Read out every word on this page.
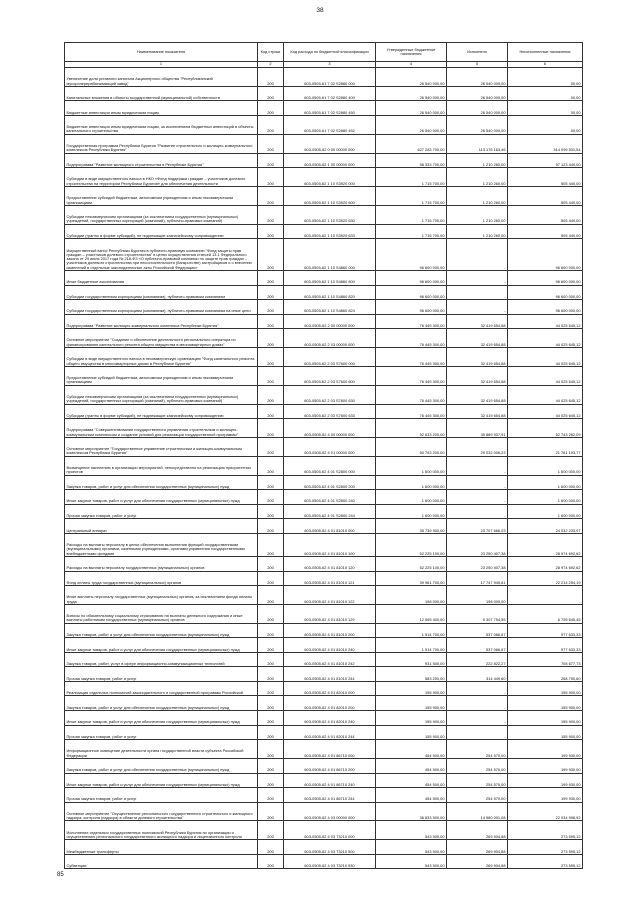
38
Наименование показателя	Код строки	Код расхода по бюджетной классификации	Утвержденные бюджетные назначения	Исполнено	Неисполненные назначения
1	2	3	4	5	6
Увеличение доли уставного капитала Акционерного общества "Республиканский мусороперерабатывающий завод"	200	603-0505-61 7 02 S2880 000	26 540 000,00	26 540 000,00	00,00
Капитальные вложения в объекты государственной (муниципальной) собственности	200	603-0505-61 7 02 S2880 400	26 540 000,00	26 540 000,00	00,00
Бюджетные инвестиции иным юридическим лицам	200	603-0505-61 7 02 S2880 450	26 540 000,00	26 540 000,00	00,00
Бюджетные инвестиции иным юридическим лицам, за исключением бюджетных инвестиций в объекты капитального строительства	200	603-0505-61 7 02 S2880 452	26 540 000,00	26 540 000,00	00,00
Государственная программа Республики Бурятия "Развитие строительного и жилищно-коммунального комплексов Республики Бурятия"	200	603-0505-62 0 00 00000 000	627 283 700,00	113 176 163,46	514 099 531,54
Подпрограмма "Развитие жилищного строительства в Республике Бурятия"	200	603-0505-62 1 00 00000 000	98 333 700,00	1 210 260,00	97 123 440,00
Субсидии в виде имущественного взноса в НКО «Фонд поддержки граждан – участников долевого строительства на территории Республики Бурятия» для обеспечения деятельности	200	603-0505-62 1 10 S3920 000	1 715 700,00	1 210 260,00	505 440,00
Предоставление субсидий бюджетным, автономным учреждениям и иным некоммерческим организациям	200	603-0505-62 1 10 S3920 600	1 715 700,00	1 210 260,00	505 440,00
Субсидии некоммерческим организациям (за исключением государственных (муниципальных) учреждений, государственных корпораций (компаний), публично-правовых компаний)	200	603-0505-62 1 10 S3920 630	1 715 700,00	1 210 260,00	505 440,00
Субсидии (гранты в форме субсидий), не подлежащие казначейскому сопровождению	200	603-0505-62 1 10 S3920 633	1 715 700,00	1 210 260,00	505 440,00
Имущественный взнос Республики Бурятия в публично-правовую компанию "Фонд защиты прав граждан – участников долевого строительства" в целях осуществления статьей 13.1 Федерального закона от 29 июля 2017 года № 218-ФЗ «О публично-правовой компании по защите прав граждан – участников долевого строительства при несостоятельности (банкротстве) застройщиков и о внесении изменений в отдельные законодательные акты Российской Федерации»	200	603-0505-62 1 10 S4860 000	96 600 000,00	-	96 600 000,00
Иные бюджетные ассигнования	200	603-0505-62 1 10 S4860 800	96 600 000,00	-	96 600 000,00
Субсидии государственным корпорациям (компаниям), публично-правовым компаниям	200	603-0505-62 1 10 S4860 820	96 600 000,00	-	96 600 000,00
Субсидии государственным корпорациям (компаниям), публично-правовым компаниям на иные цели	200	603-0505-62 1 10 S4860 824	96 600 000,00	-	96 600 000,00
Подпрограмма "Развитие жилищно-коммунального комплекса Республики Бурятия"	200	603-0505-62 2 00 00000 000	76 445 300,00	32 419 654,88	44 025 645,12
Основное мероприятие "Создание и обеспечение деятельности регионального оператора по финансированию капитального ремонта общего имущества в многоквартирных домах"	200	603-0505-62 2 03 00000 000	76 445 300,00	32 419 654,88	44 025 645,12
Субсидии в виде имущественного взноса в некоммерческую организацию "Фонд капитального ремонта общего имущества в многоквартирных домах в Республике Бурятия"	200	603-0505-62 2 03 S7600 000	76 445 300,00	32 419 654,88	44 025 645,12
Предоставление субсидий бюджетным, автономным учреждениям и иным некоммерческим организациям	200	603-0505-62 2 03 S7600 600	76 445 300,00	32 419 654,88	44 025 645,12
Субсидии некоммерческим организациям (за исключением государственных (муниципальных) учреждений, государственных корпораций (компаний), публично-правовых компаний)	200	603-0505-62 2 03 S7600 630	76 445 300,00	32 419 654,88	44 025 645,12
Субсидии (гранты в форме субсидий), не подлежащие казначейскому сопровождению	200	603-0505-62 2 03 S7600 633	76 445 300,00	32 419 654,88	44 025 645,12
Подпрограмма "Совершенствование государственного управления строительным и жилищно-коммунальным комплексом и создание условий для реализации государственной программы"	200	603-0505-62 4 00 00000 000	92 633 200,00	39 889 937,91	52 743 262,09
Основное мероприятие "Государственное управление строительным и жилищно-коммунальным комплексом Республики Бурятия"	200	603-0505-62 4 01 00000 000	50 793 200,00	29 032 006,23	21 761 193,77
Возмещение населению в организации мероприятий, непосредственно на реализацию приоритетных проектов	200	603-0505-62 4 01 S2800 000	1 600 000,00	-	1 600 000,00
Закупка товаров, работ и услуг для обеспечения государственных (муниципальных) нужд	200	603-0505-62 4 01 S2800 200	1 600 000,00	-	1 600 000,00
Иные закупки товаров, работ и услуг для обеспечения государственных (муниципальных) нужд	200	603-0505-62 4 01 S2800 240	1 600 000,00	-	1 600 000,00
Прочая закупка товаров, работ и услуг	200	603-0505-62 4 01 S2800 244	1 600 000,00	-	1 600 000,00
Центральный аппарат	200	603-0505-62 4 01 81010 000	35 739 900,00	23 707 666,03	24 032 233,97
Расходы на выплаты персоналу в целях обеспечения выполнения функций государственными (муниципальными) органами, казенными учреждениями, органами управления государственными внебюджетными фондами	200	603-0505-62 4 01 81010 100	52 225 100,00	23 250 407,38	28 974 692,62
Расходы на выплаты персоналу государственных (муниципальных) органов	200	603-0505-62 4 01 81010 120	52 225 100,00	23 250 407,38	28 974 692,62
Фонд оплаты труда государственных (муниципальных) органов	200	603-0505-62 4 01 81010 121	39 961 700,00	17 747 945,81	22 214 254,19
Иные выплаты персоналу государственных (муниципальных) органов, за исключением фонда оплаты труда	200	603-0505-62 4 01 81010 122	198 000,00	198 000,00	-
Взносы по обязательному социальному страхованию на выплаты денежного содержания и иные выплаты работникам государственных (муниципальных) органов	200	603-0505-62 4 01 81010 129	12 065 400,00	5 307 754,55	6 759 645,45
Закупка товаров, работ и услуг для обеспечения государственных (муниципальных) нужд	200	603-0505-62 4 01 81010 200	1 514 700,00	537 066,67	977 633,33
Иные закупки товаров, работ и услуг для обеспечения государственных (муниципальных) нужд	200	603-0505-62 4 01 81010 240	1 514 700,00	537 066,67	977 633,33
Закупка товаров, работ, услуг в сфере информационно-коммуникационных технологий	200	603-0505-62 4 01 81010 242	931 500,00	222 822,27	708 677,73
Прочая закупка товаров, работ и услуг	200	603-0505-62 4 01 81010 244	583 200,00	314 449,60	268 750,60
Реализация отдельных полномочий законодательного и государственной программы Российской	200	603-0505-62 4 01 82010 000	155 900,00	-	155 900,00
Закупка товаров, работ и услуг для обеспечения государственных (муниципальных) нужд	200	603-0505-62 4 01 82010 200	155 900,00	-	155 900,00
Иные закупки товаров, работ и услуг для обеспечения государственных (муниципальных) нужд	200	603-0505-62 4 01 82010 240	155 900,00	-	155 900,00
Прочая закупка товаров, работ и услуг	200	603-0505-62 4 01 82010 244	155 900,00	-	155 900,00
Информационное освещение деятельности органа государственной власти субъекта Российской Федерации	200	603-0505-62 4 01 86710 000	454 500,00	254 570,00	199 930,00
Закупка товаров, работ и услуг для обеспечения государственных (муниципальных) нужд	200	603-0505-62 4 01 86710 200	454 500,00	254 570,00	199 930,00
Иные закупки товаров, работ и услуг для обеспечения государственных (муниципальных) нужд	200	603-0505-62 4 01 86710 240	454 500,00	254 570,00	199 930,00
Прочая закупка товаров, работ и услуг	200	603-0505-62 4 01 86710 244	454 500,00	254 570,00	199 930,00
Основное мероприятие "Осуществление регионального государственного строительного и жилищного надзора, контроля (надзора) в области долевого строительства"	200	603-0505-62 4 03 00000 000	36 833 500,00	14 580 001,08	22 034 998,92
Исполнение отдельных государственных полномочий Республики Бурятия по организации и осуществлению регионального государственного жилищного надзора и лицензионного контроля	200	603-0505-62 4 03 73210 000	543 500,00	269 904,88	273 595,12
Межбюджетные трансферты	200	603-0505-62 4 03 73210 500	543 500,00	269 904,88	273 595,12
Субвенции	200	603-0505-62 4 03 73210 530	543 500,00	269 904,88	273 595,12
85
